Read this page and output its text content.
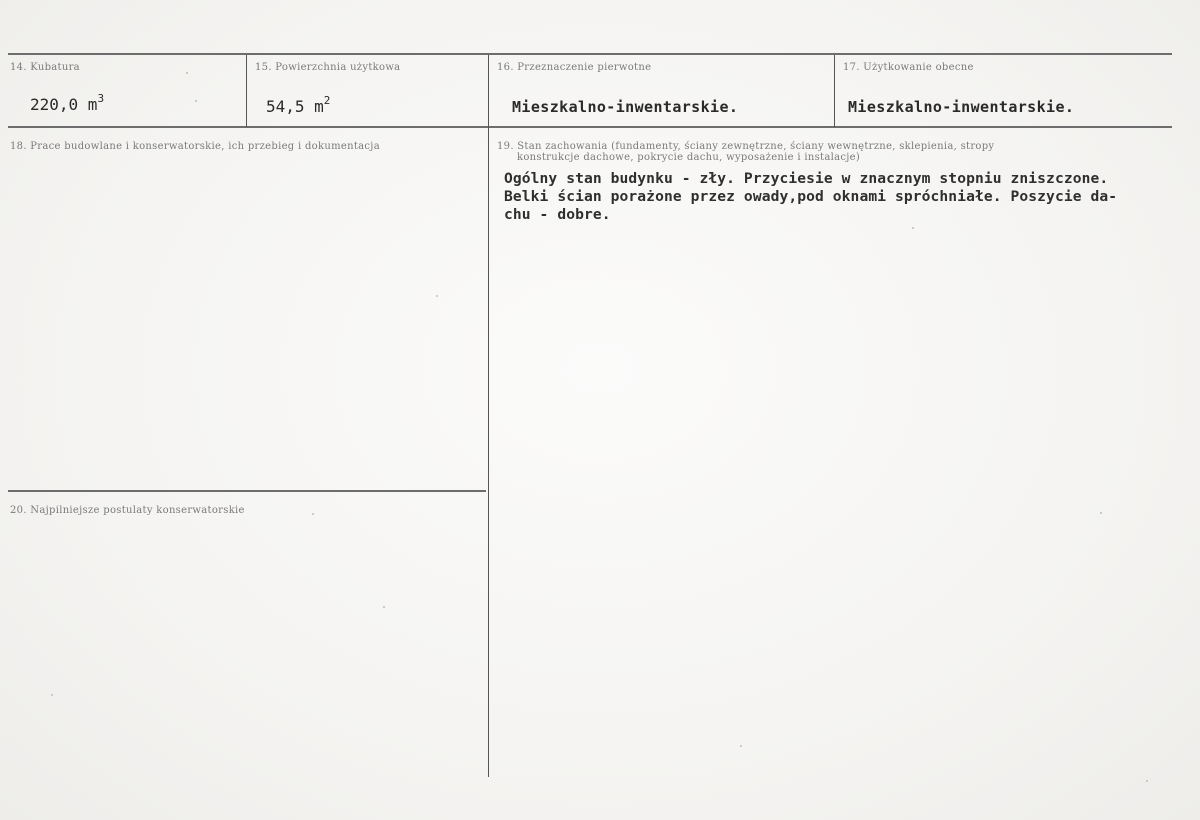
14. Kubatura
220,0 $m^3$
15. Powierzchnia użytkowa
54,5 $m^2$
16. Przeznaczenie pierwotne
Mieszkalno-inwentarskie.
17. Użytkowanie obecne
Mieszkalno-inwentarskie.
18. Prace budowlane i konserwatorskie, ich przebieg i dokumentacja	19. Stan zachowania (fundamenty, ściany zewnętrzne, ściany wewnętrzne, sklepienia, stropy
konstrukcje dachowe, pokrycie dachu, wyposażenie i instalacje)
Ogólny stan budynku - zły. Przyciesie w znacznym stopniu zniszczone.
Belki ścian porażone przez owady,pod oknami spróchniałe. Poszycie da-
chu - dobre.
20. Najpilniejsze postulaty konserwatorskie
